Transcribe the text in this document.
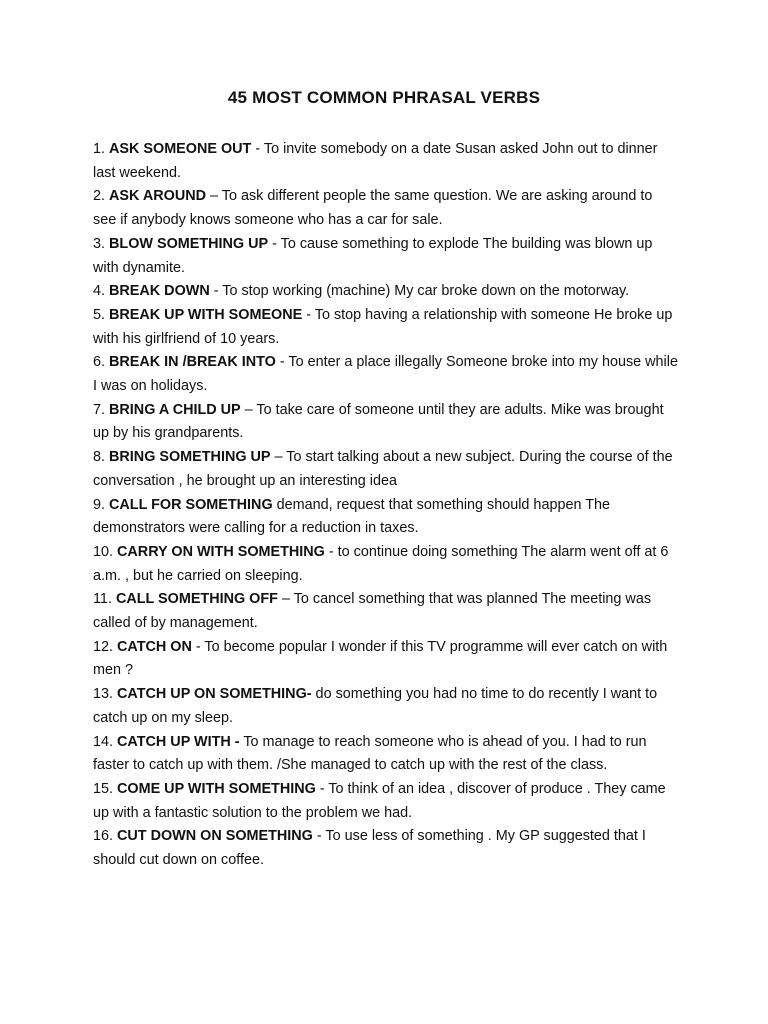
45 MOST COMMON PHRASAL VERBS
1. ASK SOMEONE OUT - To invite somebody on a date Susan asked John out to dinner last weekend.
2. ASK AROUND – To ask different people the same question. We are asking around to see if anybody knows someone who has a car for sale.
3. BLOW SOMETHING UP - To cause something to explode The building was blown up with dynamite.
4. BREAK DOWN - To stop working (machine) My car broke down on the motorway.
5. BREAK UP WITH SOMEONE - To stop having a relationship with someone He broke up with his girlfriend of 10 years.
6. BREAK IN /BREAK INTO - To enter a place illegally Someone broke into my house while I was on holidays.
7. BRING A CHILD UP – To take care of someone until they are adults. Mike was brought up by his grandparents.
8. BRING SOMETHING UP – To start talking about a new subject. During the course of the conversation , he brought up an interesting idea
9. CALL FOR SOMETHING demand, request that something should happen The demonstrators were calling for a reduction in taxes.
10. CARRY ON WITH SOMETHING - to continue doing something The alarm went off at 6 a.m. , but he carried on sleeping.
11. CALL SOMETHING OFF – To cancel something that was planned The meeting was called of by management.
12. CATCH ON - To become popular I wonder if this TV programme will ever catch on with men ?
13. CATCH UP ON SOMETHING- do something you had no time to do recently I want to catch up on my sleep.
14. CATCH UP WITH - To manage to reach someone who is ahead of you. I had to run faster to catch up with them. /She managed to catch up with the rest of the class.
15. COME UP WITH SOMETHING - To think of an idea , discover of produce . They came up with a fantastic solution to the problem we had.
16. CUT DOWN ON SOMETHING - To use less of something . My GP suggested that I should cut down on coffee.
